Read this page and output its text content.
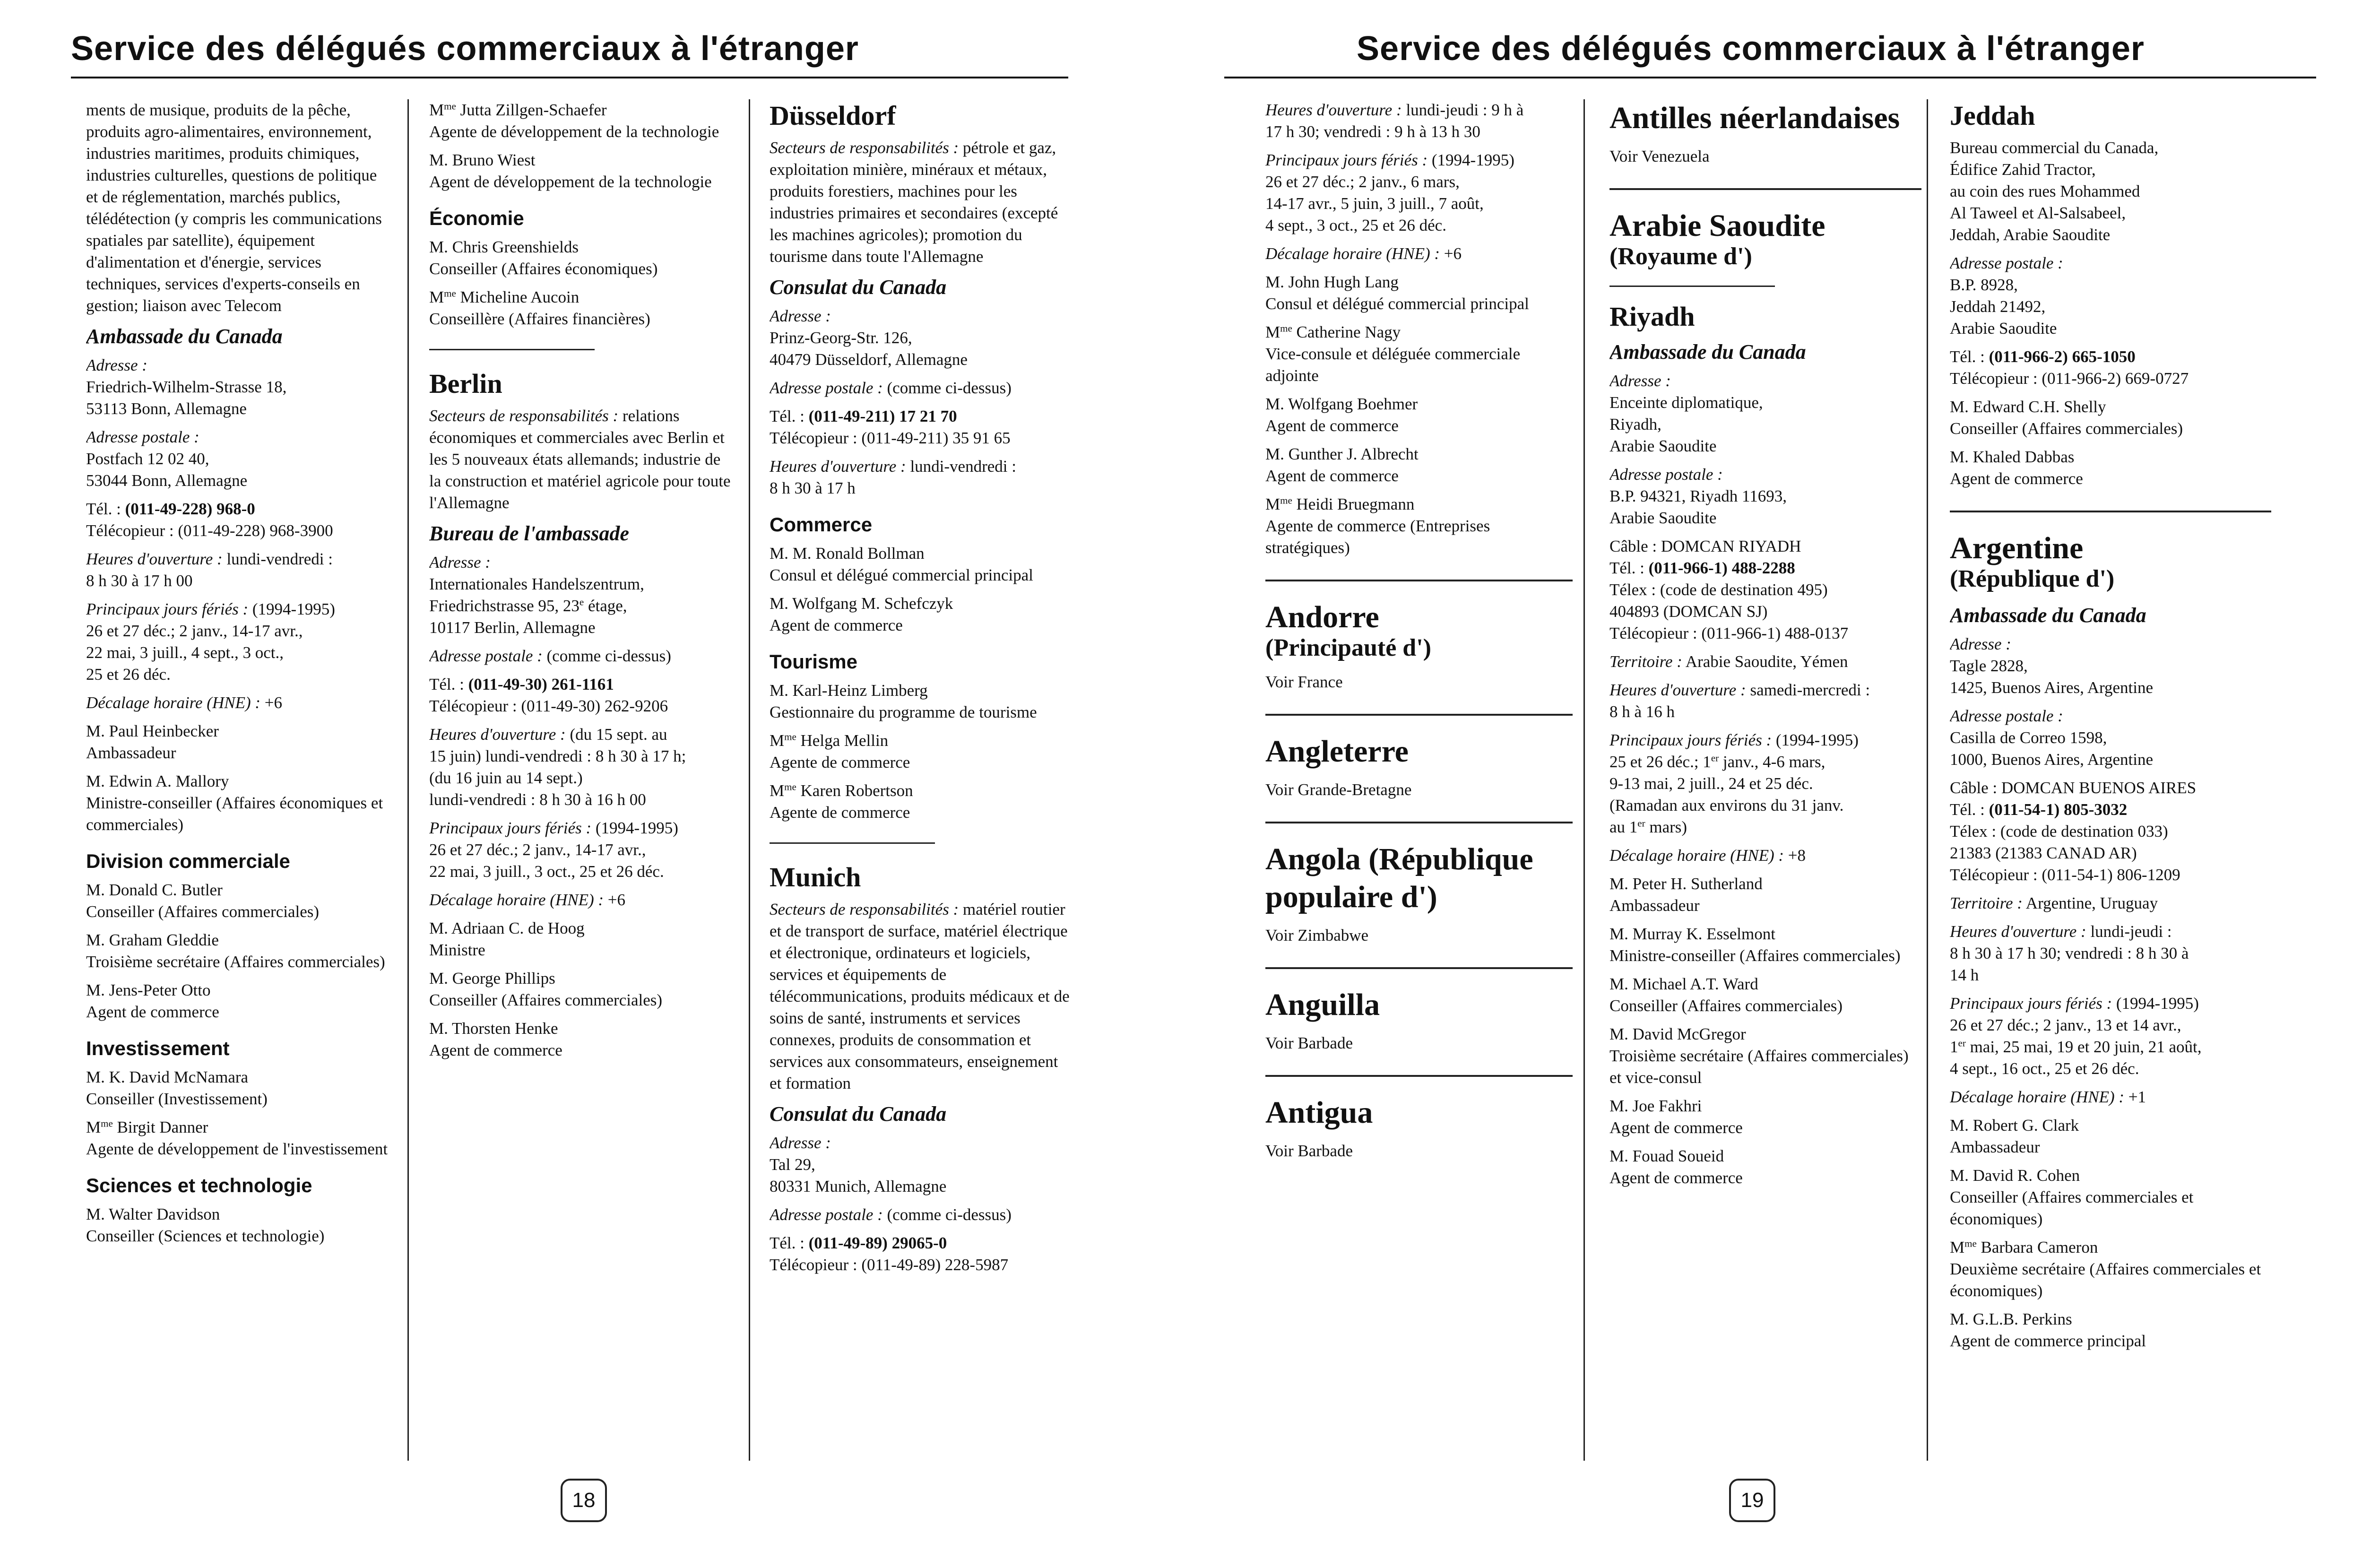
Service des délégués commerciaux à l'étranger
ments de musique, produits de la pêche, produits agro-alimentaires, environnement, industries maritimes, produits chimiques, industries culturelles, questions de politique et de réglementation, marchés publics, télédétection (y compris les communications spatiales par satellite), équipement d'alimentation et d'énergie, services techniques, services d'experts-conseils en gestion; liaison avec Telecom
Ambassade du Canada
Adresse :
Friedrich-Wilhelm-Strasse 18,
53113 Bonn, Allemagne
Adresse postale :
Postfach 12 02 40,
53044 Bonn, Allemagne
Tél. : (011-49-228) 968-0
Télécopieur : (011-49-228) 968-3900
Heures d'ouverture : lundi-vendredi :
8 h 30 à 17 h 00
Principaux jours fériés : (1994-1995)
26 et 27 déc.; 2 janv., 14-17 avr.,
22 mai, 3 juill., 4 sept., 3 oct.,
25 et 26 déc.
Décalage horaire (HNE) : +6
M. Paul Heinbecker
Ambassadeur
M. Edwin A. Mallory
Ministre-conseiller (Affaires économiques et commerciales)
Division commerciale
M. Donald C. Butler
Conseiller (Affaires commerciales)
M. Graham Gleddie
Troisième secrétaire (Affaires commerciales)
M. Jens-Peter Otto
Agent de commerce
Investissement
M. K. David McNamara
Conseiller (Investissement)
$M^{me}$ Birgit Danner
Agente de développement de l'investissement
Sciences et technologie
M. Walter Davidson
Conseiller (Sciences et technologie)
$M^{me}$ Jutta Zillgen-Schaefer
Agente de développement de la technologie
M. Bruno Wiest
Agent de développement de la technologie
Économie
M. Chris Greenshields
Conseiller (Affaires économiques)
$M^{me}$ Micheline Aucoin
Conseillère (Affaires financières)
Berlin
Secteurs de responsabilités : relations économiques et commerciales avec Berlin et les 5 nouveaux états allemands; industrie de la construction et matériel agricole pour toute l'Allemagne
Bureau de l'ambassade
Adresse :
Internationales Handelszentrum,
Friedrichstrasse 95, 23e étage,
10117 Berlin, Allemagne
Adresse postale : (comme ci-dessus)
Tél. : (011-49-30) 261-1161
Télécopieur : (011-49-30) 262-9206
Heures d'ouverture : (du 15 sept. au
15 juin) lundi-vendredi : 8 h 30 à 17 h;
(du 16 juin au 14 sept.)
lundi-vendredi : 8 h 30 à 16 h 00
Principaux jours fériés : (1994-1995)
26 et 27 déc.; 2 janv., 14-17 avr.,
22 mai, 3 juill., 3 oct., 25 et 26 déc.
Décalage horaire (HNE) : +6
M. Adriaan C. de Hoog
Ministre
M. George Phillips
Conseiller (Affaires commerciales)
M. Thorsten Henke
Agent de commerce
Düsseldorf
Secteurs de responsabilités : pétrole et gaz, exploitation minière, minéraux et métaux, produits forestiers, machines pour les industries primaires et secondaires (excepté les machines agricoles); promotion du tourisme dans toute l'Allemagne
Consulat du Canada
Adresse :
Prinz-Georg-Str. 126,
40479 Düsseldorf, Allemagne
Adresse postale : (comme ci-dessus)
Tél. : (011-49-211) 17 21 70
Télécopieur : (011-49-211) 35 91 65
Heures d'ouverture : lundi-vendredi :
8 h 30 à 17 h
Commerce
M. M. Ronald Bollman
Consul et délégué commercial principal
M. Wolfgang M. Schefczyk
Agent de commerce
Tourisme
M. Karl-Heinz Limberg
Gestionnaire du programme de tourisme
$M^{me}$ Helga Mellin
Agente de commerce
$M^{me}$ Karen Robertson
Agente de commerce
Munich
Secteurs de responsabilités : matériel routier et de transport de surface, matériel électrique et électronique, ordinateurs et logiciels, services et équipements de télécommunications, produits médicaux et de soins de santé, instruments et services connexes, produits de consommation et services aux consommateurs, enseignement et formation
Consulat du Canada
Adresse :
Tal 29,
80331 Munich, Allemagne
Adresse postale : (comme ci-dessus)
Tél. : (011-49-89) 29065-0
Télécopieur : (011-49-89) 228-5987
18
Service des délégués commerciaux à l'étranger
Heures d'ouverture : lundi-jeudi : 9 h à
17 h 30; vendredi : 9 h à 13 h 30
Principaux jours fériés : (1994-1995)
26 et 27 déc.; 2 janv., 6 mars,
14-17 avr., 5 juin, 3 juill., 7 août,
4 sept., 3 oct., 25 et 26 déc.
Décalage horaire (HNE) : +6
M. John Hugh Lang
Consul et délégué commercial principal
$M^{me}$ Catherine Nagy
Vice-consule et déléguée commerciale adjointe
M. Wolfgang Boehmer
Agent de commerce
M. Gunther J. Albrecht
Agent de commerce
$M^{me}$ Heidi Bruegmann
Agente de commerce (Entreprises stratégiques)
Andorre
(Principauté d')
Voir France
Angleterre
Voir Grande-Bretagne
Angola (République populaire d')
Voir Zimbabwe
Anguilla
Voir Barbade
Antigua
Voir Barbade
Antilles néerlandaises
Voir Venezuela
Arabie Saoudite
(Royaume d')
Riyadh
Ambassade du Canada
Adresse :
Enceinte diplomatique,
Riyadh,
Arabie Saoudite
Adresse postale :
B.P. 94321, Riyadh 11693,
Arabie Saoudite
Câble : DOMCAN RIYADH
Tél. : (011-966-1) 488-2288
Télex : (code de destination 495)
404893 (DOMCAN SJ)
Télécopieur : (011-966-1) 488-0137
Territoire : Arabie Saoudite, Yémen
Heures d'ouverture : samedi-mercredi :
8 h à 16 h
Principaux jours fériés : (1994-1995)
25 et 26 déc.; 1er janv., 4-6 mars,
9-13 mai, 2 juill., 24 et 25 déc.
(Ramadan aux environs du 31 janv.
au 1er mars)
Décalage horaire (HNE) : +8
M. Peter H. Sutherland
Ambassadeur
M. Murray K. Esselmont
Ministre-conseiller (Affaires commerciales)
M. Michael A.T. Ward
Conseiller (Affaires commerciales)
M. David McGregor
Troisième secrétaire (Affaires commerciales) et vice-consul
M. Joe Fakhri
Agent de commerce
M. Fouad Soueid
Agent de commerce
Jeddah
Bureau commercial du Canada,
Édifice Zahid Tractor,
au coin des rues Mohammed
Al Taweel et Al-Salsabeel,
Jeddah, Arabie Saoudite
Adresse postale :
B.P. 8928,
Jeddah 21492,
Arabie Saoudite
Tél. : (011-966-2) 665-1050
Télécopieur : (011-966-2) 669-0727
M. Edward C.H. Shelly
Conseiller (Affaires commerciales)
M. Khaled Dabbas
Agent de commerce
Argentine
(République d')
Ambassade du Canada
Adresse :
Tagle 2828,
1425, Buenos Aires, Argentine
Adresse postale :
Casilla de Correo 1598,
1000, Buenos Aires, Argentine
Câble : DOMCAN BUENOS AIRES
Tél. : (011-54-1) 805-3032
Télex : (code de destination 033)
21383 (21383 CANAD AR)
Télécopieur : (011-54-1) 806-1209
Territoire : Argentine, Uruguay
Heures d'ouverture : lundi-jeudi :
8 h 30 à 17 h 30; vendredi : 8 h 30 à
14 h
Principaux jours fériés : (1994-1995)
26 et 27 déc.; 2 janv., 13 et 14 avr.,
1er mai, 25 mai, 19 et 20 juin, 21 août,
4 sept., 16 oct., 25 et 26 déc.
Décalage horaire (HNE) : +1
M. Robert G. Clark
Ambassadeur
M. David R. Cohen
Conseiller (Affaires commerciales et économiques)
$M^{me}$ Barbara Cameron
Deuxième secrétaire (Affaires commerciales et économiques)
M. G.L.B. Perkins
Agent de commerce principal
19
